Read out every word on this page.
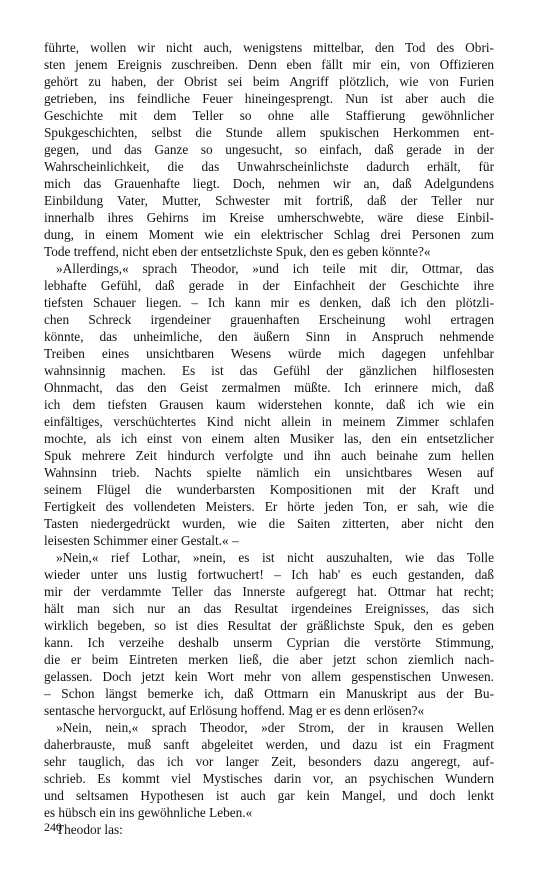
führte, wollen wir nicht auch, wenigstens mittelbar, den Tod des Obri-
sten jenem Ereignis zuschreiben. Denn eben fällt mir ein, von Offizieren
gehört zu haben, der Obrist sei beim Angriff plötzlich, wie von Furien
getrieben, ins feindliche Feuer hineingesprengt. Nun ist aber auch die
Geschichte mit dem Teller so ohne alle Staffierung gewöhnlicher
Spukgeschichten, selbst die Stunde allem spukischen Herkommen ent-
gegen, und das Ganze so ungesucht, so einfach, daß gerade in der
Wahrscheinlichkeit, die das Unwahrscheinlichste dadurch erhält, für
mich das Grauenhafte liegt. Doch, nehmen wir an, daß Adelgundens
Einbildung Vater, Mutter, Schwester mit fortriß, daß der Teller nur
innerhalb ihres Gehirns im Kreise umherschwebte, wäre diese Einbil-
dung, in einem Moment wie ein elektrischer Schlag drei Personen zum
Tode treffend, nicht eben der entsetzlichste Spuk, den es geben könnte?«

»Allerdings,« sprach Theodor, »und ich teile mit dir, Ottmar, das
lebhafte Gefühl, daß gerade in der Einfachheit der Geschichte ihre
tiefsten Schauer liegen. – Ich kann mir es denken, daß ich den plötzli-
chen Schreck irgendeiner grauenhaften Erscheinung wohl ertragen
könnte, das unheimliche, den äußern Sinn in Anspruch nehmende
Treiben eines unsichtbaren Wesens würde mich dagegen unfehlbar
wahnsinnig machen. Es ist das Gefühl der gänzlichen hilflosesten
Ohnmacht, das den Geist zermalmen müßte. Ich erinnere mich, daß
ich dem tiefsten Grausen kaum widerstehen konnte, daß ich wie ein
einfältiges, verschüchtertes Kind nicht allein in meinem Zimmer schlafen
mochte, als ich einst von einem alten Musiker las, den ein entsetzlicher
Spuk mehrere Zeit hindurch verfolgte und ihn auch beinahe zum hellen
Wahnsinn trieb. Nachts spielte nämlich ein unsichtbares Wesen auf
seinem Flügel die wunderbarsten Kompositionen mit der Kraft und
Fertigkeit des vollendeten Meisters. Er hörte jeden Ton, er sah, wie die
Tasten niedergedrückt wurden, wie die Saiten zitterten, aber nicht den
leisesten Schimmer einer Gestalt.« –

»Nein,« rief Lothar, »nein, es ist nicht auszuhalten, wie das Tolle
wieder unter uns lustig fortwuchert! – Ich hab' es euch gestanden, daß
mir der verdammte Teller das Innerste aufgeregt hat. Ottmar hat recht;
hält man sich nur an das Resultat irgendeines Ereignisses, das sich
wirklich begeben, so ist dies Resultat der gräßlichste Spuk, den es geben
kann. Ich verzeihe deshalb unserm Cyprian die verstörte Stimmung,
die er beim Eintreten merken ließ, die aber jetzt schon ziemlich nach-
gelassen. Doch jetzt kein Wort mehr von allem gespenstischen Unwesen.
– Schon längst bemerke ich, daß Ottmarn ein Manuskript aus der Bu-
sentasche hervorguckt, auf Erlösung hoffend. Mag er es denn erlösen?«

»Nein, nein,« sprach Theodor, »der Strom, der in krausen Wellen
daherbrauste, muß sanft abgeleitet werden, und dazu ist ein Fragment
sehr tauglich, das ich vor langer Zeit, besonders dazu angeregt, auf-
schrieb. Es kommt viel Mystisches darin vor, an psychischen Wundern
und seltsamen Hypothesen ist auch gar kein Mangel, und doch lenkt
es hübsch ein ins gewöhnliche Leben.«

Theodor las:

240
